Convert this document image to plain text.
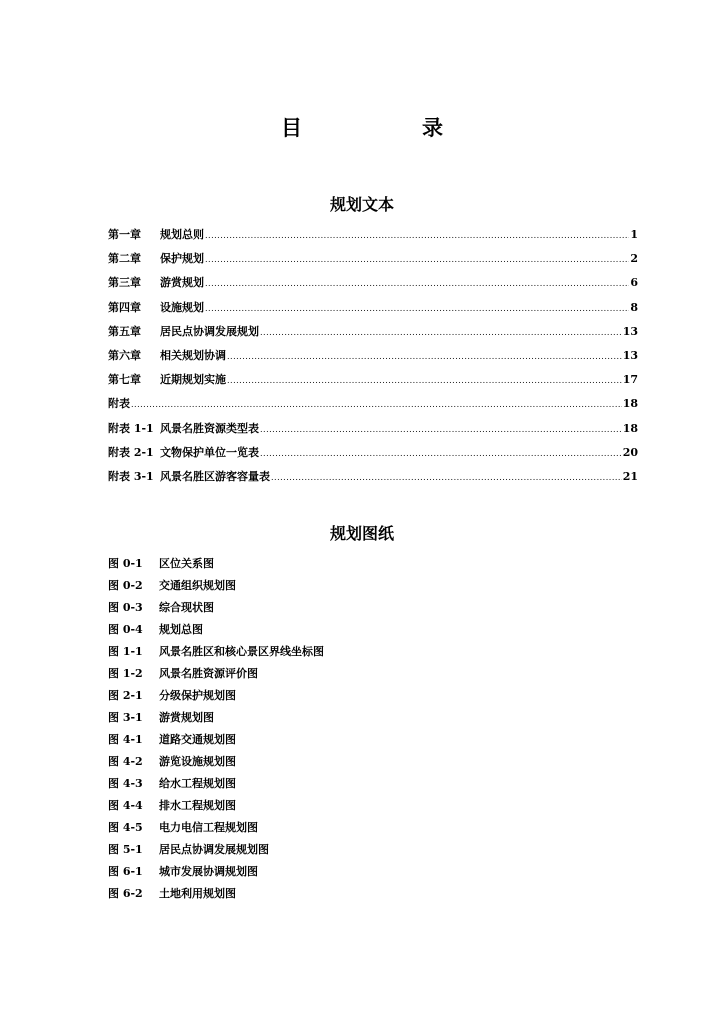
目　　录
规划文本
第一章 规划总则 .....	1
第二章 保护规划 .....	2
第三章 游赏规划 .....	6
第四章 设施规划 .....	8
第五章 居民点协调发展规划 .....	13
第六章 相关规划协调 .....	13
第七章 近期规划实施 .....	17
附表 .....	18
附表 1-1 风景名胜资源类型表 .....	18
附表 2-1 文物保护单位一览表 .....	20
附表 3-1 风景名胜区游客容量表 .....	21
规划图纸
图 0-1	区位关系图
图 0-2	交通组织规划图
图 0-3	综合现状图
图 0-4	规划总图
图 1-1	风景名胜区和核心景区界线坐标图
图 1-2	风景名胜资源评价图
图 2-1	分级保护规划图
图 3-1	游赏规划图
图 4-1	道路交通规划图
图 4-2	游览设施规划图
图 4-3	给水工程规划图
图 4-4	排水工程规划图
图 4-5	电力电信工程规划图
图 5-1	居民点协调发展规划图
图 6-1	城市发展协调规划图
图 6-2	土地利用规划图
